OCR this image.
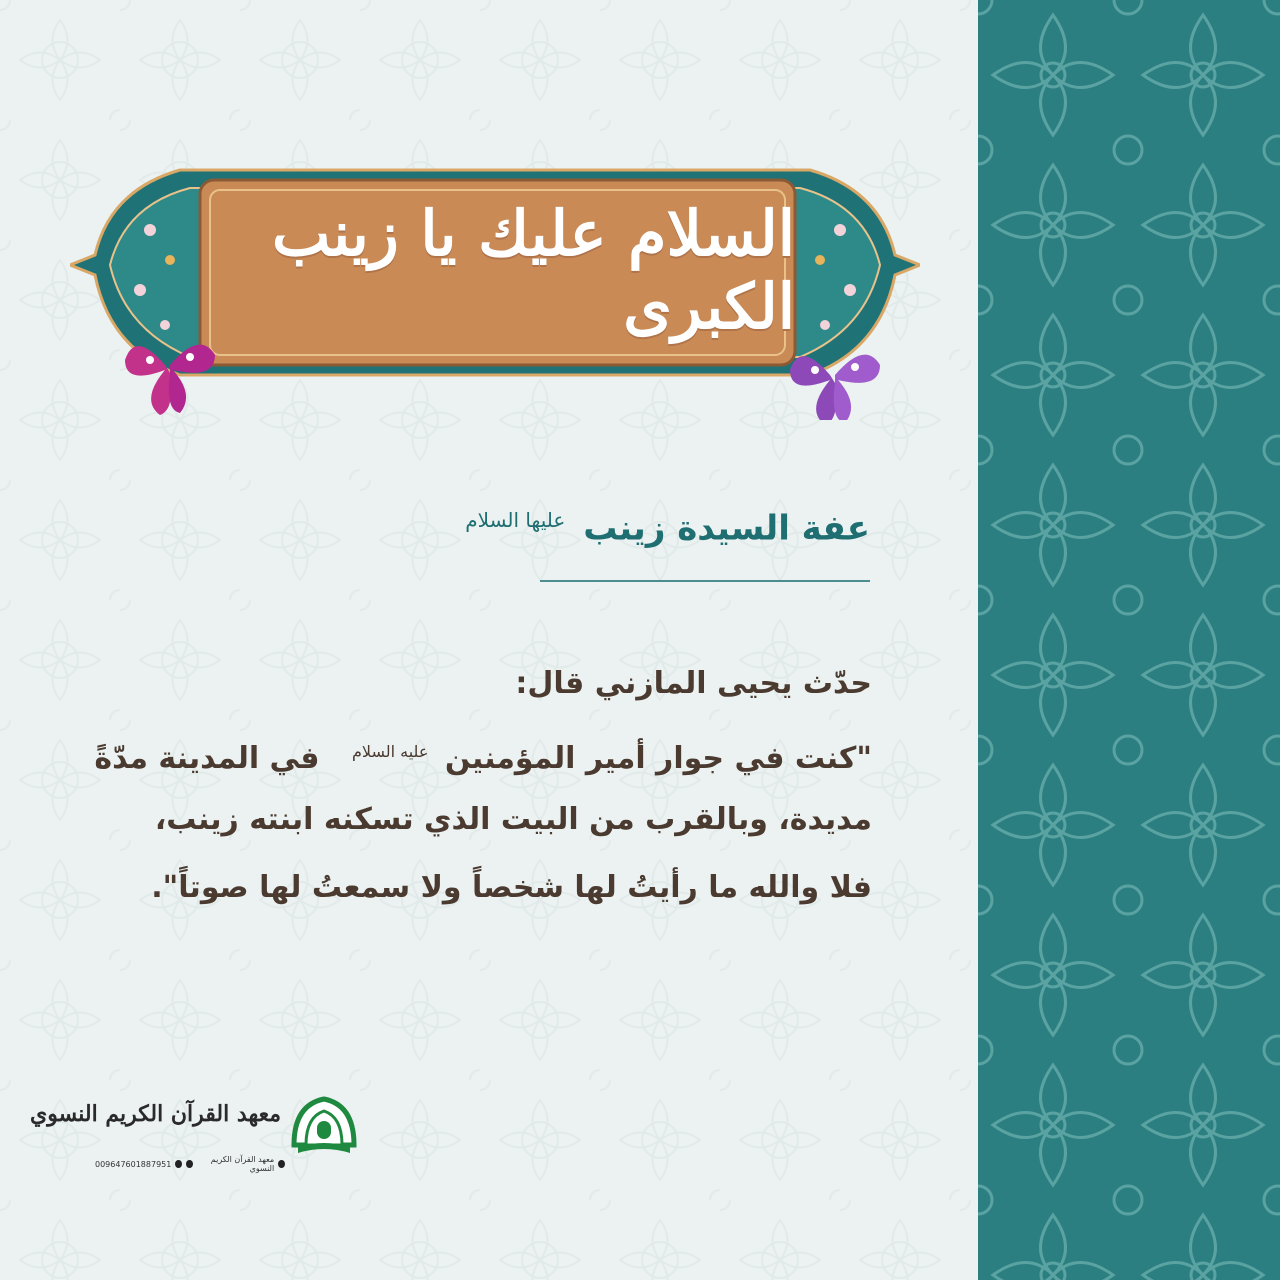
السلام عليك يا زينب الكبرى
عفة السيدة زينب $^{عليها السلام}$
حدّث يحيى المازني قال:
"كنت في جوار أمير المؤمنين $^{عليه السلام}$ في المدينة مدّةً
مديدة، وبالقرب من البيت الذي تسكنه ابنته زينب،
فلا والله ما رأيتُ لها شخصاً ولا سمعتُ لها صوتاً".
معهد القرآن الكريم النسوي
009647601887951	معهد القرآن الكريم النسوي
